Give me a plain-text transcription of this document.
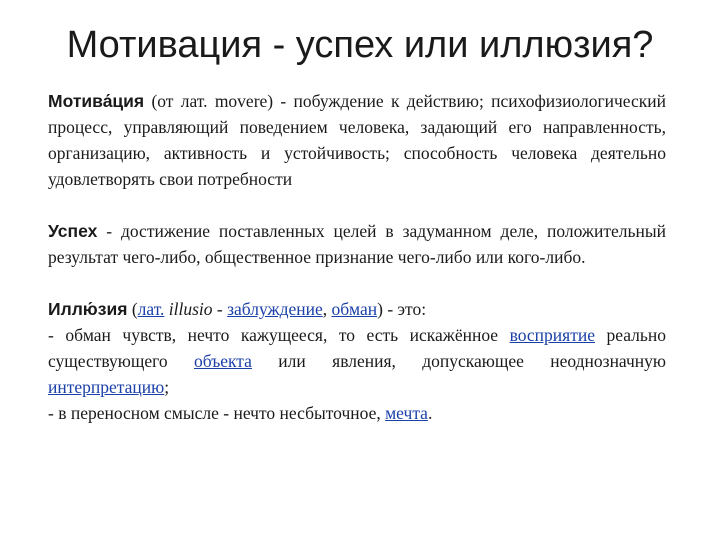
Мотивация - успех или иллюзия?

Мотива́ция (от лат. movere) - побуждение к действию; психофизиологический процесс, управляющий поведением человека, задающий его направленность, организацию, активность и устойчивость; способность человека деятельно удовлетворять свои потребности

Успех - достижение поставленных целей в задуманном деле, положительный результат чего-либо, общественное признание чего-либо или кого-либо.

Иллю́зия (лат. illusio - заблуждение, обман) - это:
- обман чувств, нечто кажущееся, то есть искажённое восприятие реально существующего объекта или явления, допускающее неоднозначную интерпретацию;
- в переносном смысле - нечто несбыточное, мечта.
